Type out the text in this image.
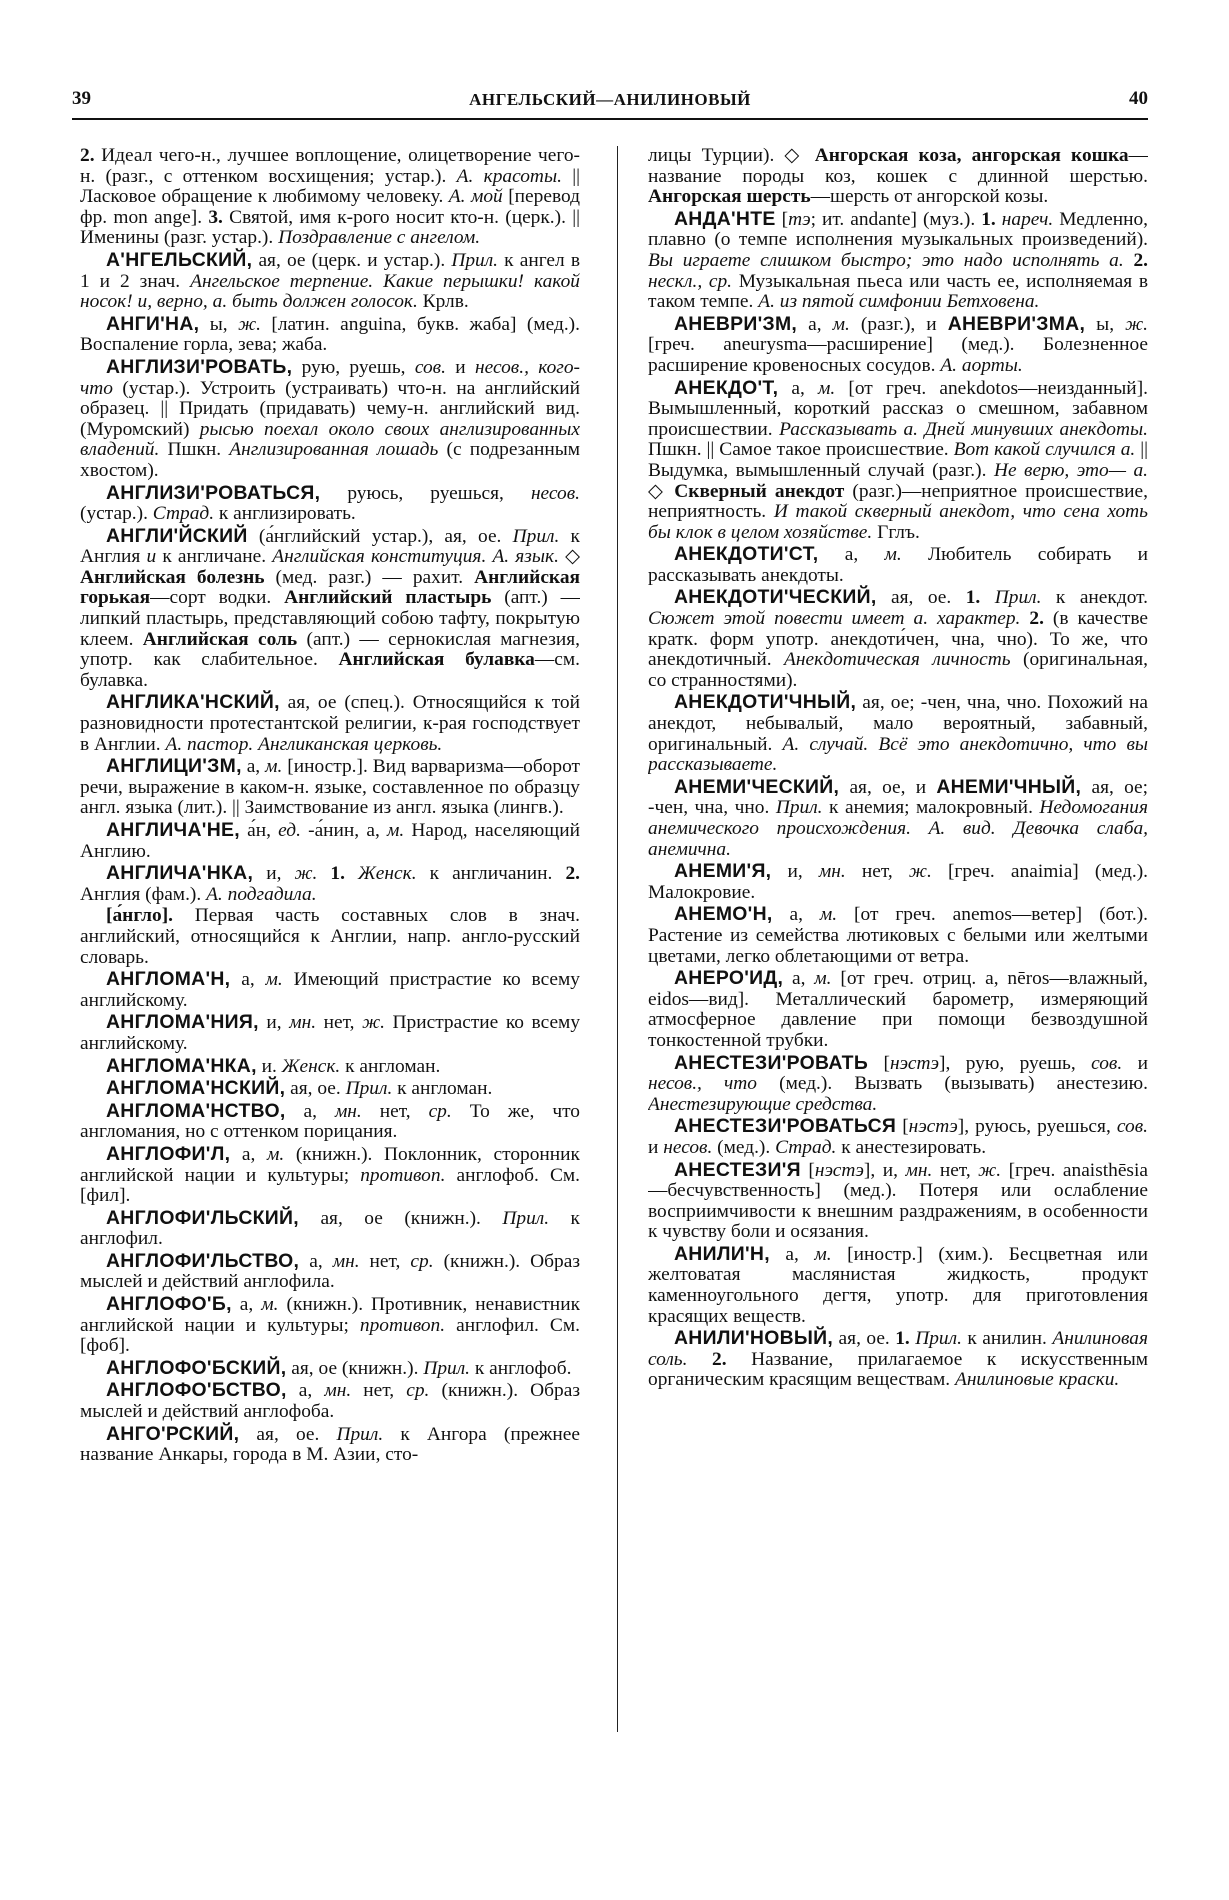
39	АНГЕЛЬСКИЙ—АНИЛИНОВЫЙ	40
2. Идеал чего-н., лучшее воплощение, олицетворение чего-н. (разг., с оттенком восхищения; устар.). А. красоты. || Ласковое обращение к любимому человеку. А. мой [перевод фр. mon ange]. 3. Святой, имя к-рого носит кто-н. (церк.). || Именины (разг. устар.). Поздравление с ангелом.
А'НГЕЛЬСКИЙ, ая, ое (церк. и устар.). Прил. к ангел в 1 и 2 знач. Ангельское терпение. Какие перышки! какой носок! и, верно, а. быть должен голосок. Крлв.
АНГИ'НА, ы, ж. [латин. anguina, букв. жаба] (мед.). Воспаление горла, зева; жаба.
АНГЛИЗИ'РОВАТЬ, рую, руешь, сов. и несов., кого-что (устар.). Устроить (устраивать) что-н. на английский образец. || Придать (придавать) чему-н. английский вид. (Муромский) рысью поехал около своих англизированных владений. Пшкн. Англизированная лошадь (с подрезанным хвостом).
АНГЛИЗИ'РОВАТЬСЯ, руюсь, руешься, несов. (устар.). Страд. к англизировать.
АНГЛИ'ЙСКИЙ (а́нглийский устар.), ая, ое. Прил. к Англия и к англичане. Английская конституция. А. язык. ◇ Английская болезнь (мед. разг.) — рахит. Английская горькая—сорт водки. Английский пластырь (апт.) — липкий пластырь, представляющий собою тафту, покрытую клеем. Английская соль (апт.) — сернокислая магнезия, употр. как слабительное. Английская булавка—см. булавка.
АНГЛИКА'НСКИЙ, ая, ое (спец.). Относящийся к той разновидности протестантской религии, к-рая господствует в Англии. А. пастор. Англиканская церковь.
АНГЛИЦИ'ЗМ, а, м. [иностр.]. Вид варваризма—оборот речи, выражение в каком-н. языке, составленное по образцу англ. языка (лит.). || Заимствование из англ. языка (лингв.).
АНГЛИЧА'НЕ, а́н, ед. -а́нин, а, м. Народ, населяющий Англию.
АНГЛИЧА'НКА, и, ж. 1. Женск. к англичанин. 2. Англия (фам.). А. подгадила.
[а́нгло]. Первая часть составных слов в знач. английский, относящийся к Англии, напр. англо-русский словарь.
АНГЛОМА'Н, а, м. Имеющий пристрастие ко всему английскому.
АНГЛОМА'НИЯ, и, мн. нет, ж. Пристрастие ко всему английскому.
АНГЛОМА'НКА, и. Женск. к англоман.
АНГЛОМА'НСКИЙ, ая, ое. Прил. к англоман.
АНГЛОМА'НСТВО, а, мн. нет, ср. То же, что англомания, но с оттенком порицания.
АНГЛОФИ'Л, а, м. (книжн.). Поклонник, сторонник английской нации и культуры; противоп. англофоб. См. [фил].
АНГЛОФИ'ЛЬСКИЙ, ая, ое (книжн.). Прил. к англофил.
АНГЛОФИ'ЛЬСТВО, а, мн. нет, ср. (книжн.). Образ мыслей и действий англофила.
АНГЛОФО'Б, а, м. (книжн.). Противник, ненавистник английской нации и культуры; противоп. англофил. См. [фоб].
АНГЛОФО'БСКИЙ, ая, ое (книжн.). Прил. к англофоб.
АНГЛОФО'БСТВО, а, мн. нет, ср. (книжн.). Образ мыслей и действий англофоба.
АНГО'РСКИЙ, ая, ое. Прил. к Ангора (прежнее название Анкары, города в М. Азии, сто-
лицы Турции). ◇ Ангорская коза, ангорская кошка—название породы коз, кошек с длинной шерстью. Ангорская шерсть—шерсть от ангорской козы.
АНДА'НТЕ [тэ; ит. andante] (муз.). 1. нареч. Медленно, плавно (о темпе исполнения музыкальных произведений). Вы играете слишком быстро; это надо исполнять а. 2. нескл., ср. Музыкальная пьеса или часть ее, исполняемая в таком темпе. А. из пятой симфонии Бетховена.
АНЕВРИ'ЗМ, а, м. (разг.), и АНЕВРИ'ЗМА, ы, ж. [греч. aneurysma—расширение] (мед.). Болезненное расширение кровеносных сосудов. А. аорты.
АНЕКДО'Т, а, м. [от греч. anekdotos—неизданный]. Вымышленный, короткий рассказ о смешном, забавном происшествии. Рассказывать а. Дней минувших анекдоты. Пшкн. || Самое такое происшествие. Вот какой случился а. || Выдумка, вымышленный случай (разг.). Не верю, это— а. ◇ Скверный анекдот (разг.)—неприятное происшествие, неприятность. И такой скверный анекдот, что сена хоть бы клок в целом хозяйстве. Гглъ.
АНЕКДОТИ'СТ, а, м. Любитель собирать и рассказывать анекдоты.
АНЕКДОТИ'ЧЕСКИЙ, ая, ое. 1. Прил. к анекдот. Сюжет этой повести имеет а. характер. 2. (в качестве кратк. форм употр. анекдоти́чен, чна, чно). То же, что анекдотичный. Анекдотическая личность (оригинальная, со странностями).
АНЕКДОТИ'ЧНЫЙ, ая, ое; -чен, чна, чно. Похожий на анекдот, небывалый, мало вероятный, забавный, оригинальный. А. случай. Всё это анекдотично, что вы рассказываете.
АНЕМИ'ЧЕСКИЙ, ая, ое, и АНЕМИ'ЧНЫЙ, ая, ое; -чен, чна, чно. Прил. к анемия; малокровный. Недомогания анемического происхождения. А. вид. Девочка слаба, анемична.
АНЕМИ'Я, и, мн. нет, ж. [греч. anaimia] (мед.). Малокровие.
АНЕМО'Н, а, м. [от греч. anemos—ветер] (бот.). Растение из семейства лютиковых с белыми или желтыми цветами, легко облетающими от ветра.
АНЕРО'ИД, а, м. [от греч. отриц. a, nēros—влажный, eidos—вид]. Металлический барометр, измеряющий атмосферное давление при помощи безвоздушной тонкостенной трубки.
АНЕСТЕЗИ'РОВАТЬ [нэстэ], рую, руешь, сов. и несов., что (мед.). Вызвать (вызывать) анестезию. Анестезирующие средства.
АНЕСТЕЗИ'РОВАТЬСЯ [нэстэ], руюсь, руешься, сов. и несов. (мед.). Страд. к анестезировать.
АНЕСТЕЗИ'Я [нэстэ], и, мн. нет, ж. [греч. anaisthēsia—бесчувственность] (мед.). Потеря или ослабление восприимчивости к внешним раздражениям, в особенности к чувству боли и осязания.
АНИЛИ'Н, а, м. [иностр.] (хим.). Бесцветная или желтоватая маслянистая жидкость, продукт каменноугольного дегтя, употр. для приготовления красящих веществ.
АНИЛИ'НОВЫЙ, ая, ое. 1. Прил. к анилин. Анилиновая соль. 2. Название, прилагаемое к искусственным органическим красящим веществам. Анилиновые краски.
